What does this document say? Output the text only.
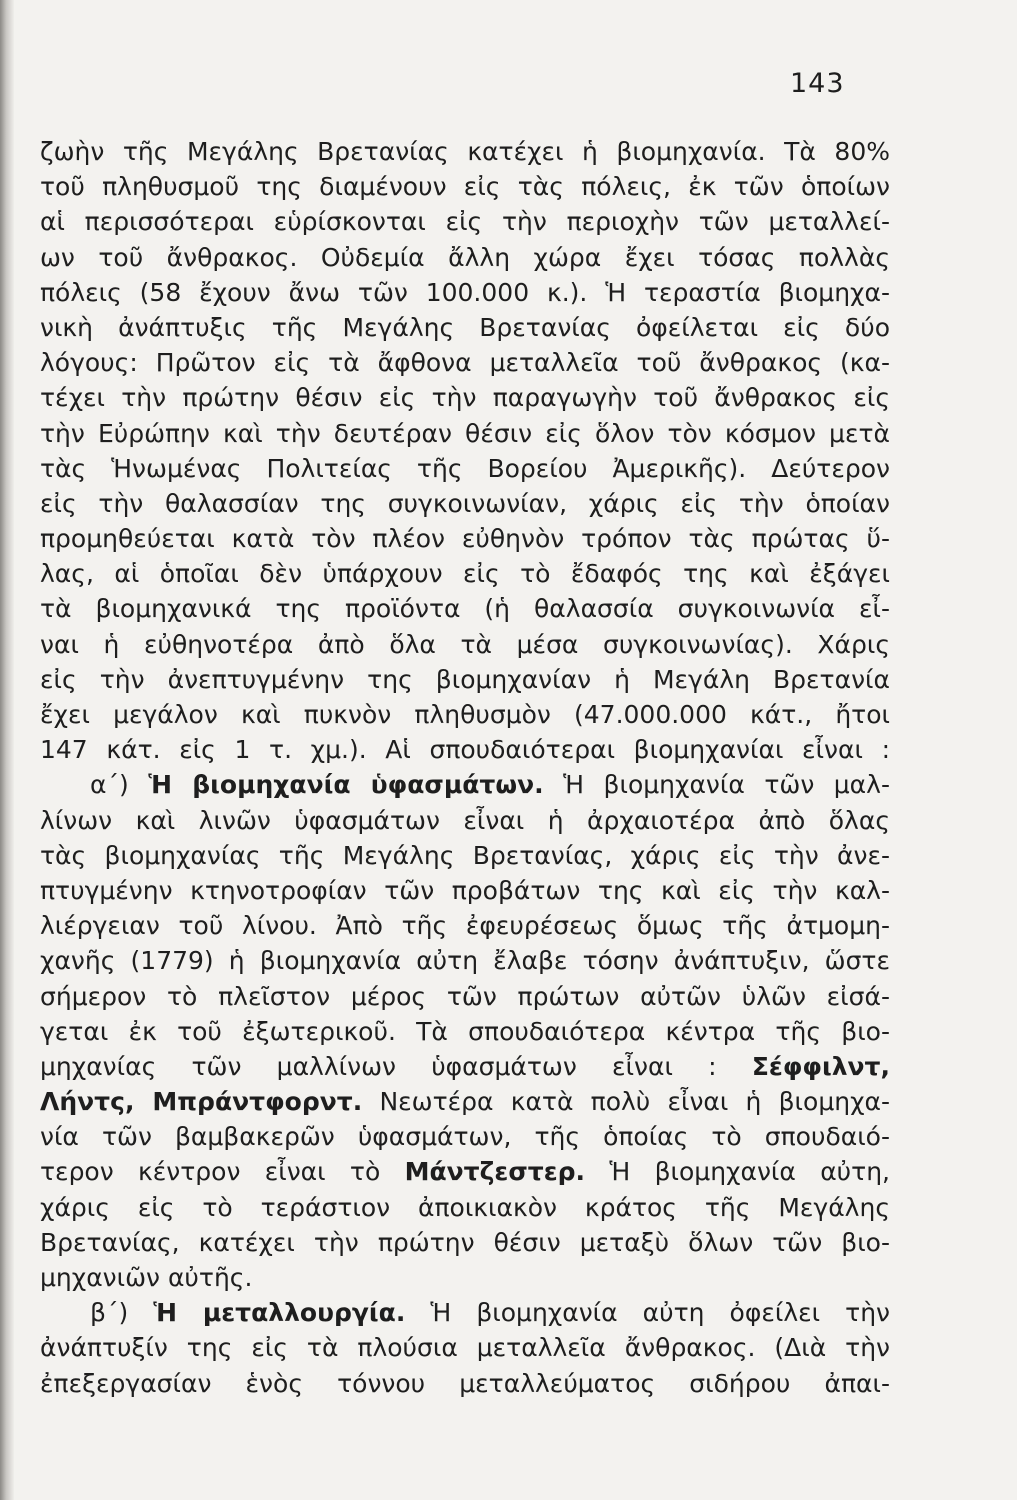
143
ζωὴν τῆς Μεγάλης Βρετανίας κατέχει ἡ βιομηχανία. Τὰ 80%
τοῦ πληθυσμοῦ της διαμένουν εἰς τὰς πόλεις, ἐκ τῶν ὁποίων
αἱ περισσότεραι εὑρίσκονται εἰς τὴν περιοχὴν τῶν μεταλλεί-
ων τοῦ ἄνθρακος. Οὐδεμία ἄλλη χώρα ἔχει τόσας πολλὰς
πόλεις (58 ἔχουν ἄνω τῶν 100.000 κ.). Ἡ τεραστία βιομηχα-
νικὴ ἀνάπτυξις τῆς Μεγάλης Βρετανίας ὀφείλεται εἰς δύο
λόγους: Πρῶτον εἰς τὰ ἄφθονα μεταλλεῖα τοῦ ἄνθρακος (κα-
τέχει τὴν πρώτην θέσιν εἰς τὴν παραγωγὴν τοῦ ἄνθρακος εἰς
τὴν Εὐρώπην καὶ τὴν δευτέραν θέσιν εἰς ὅλον τὸν κόσμον μετὰ
τὰς Ἡνωμένας Πολιτείας τῆς Βορείου Ἀμερικῆς). Δεύτερον
εἰς τὴν θαλασσίαν της συγκοινωνίαν, χάρις εἰς τὴν ὁποίαν
προμηθεύεται κατὰ τὸν πλέον εὐθηνὸν τρόπον τὰς πρώτας ὕ-
λας, αἱ ὁποῖαι δὲν ὑπάρχουν εἰς τὸ ἔδαφός της καὶ ἐξάγει
τὰ βιομηχανικά της προϊόντα (ἡ θαλασσία συγκοινωνία εἶ-
ναι ἡ εὐθηνοτέρα ἀπὸ ὅλα τὰ μέσα συγκοινωνίας). Χάρις
εἰς τὴν ἀνεπτυγμένην της βιομηχανίαν ἡ Μεγάλη Βρετανία
ἔχει μεγάλον καὶ πυκνὸν πληθυσμὸν (47.000.000 κάτ., ἤτοι
147 κάτ. εἰς 1 τ. χμ.). Αἱ σπουδαιότεραι βιομηχανίαι εἶναι :
α΄) Ἡ βιομηχανία ὑφασμάτων. Ἡ βιομηχανία τῶν μαλ-
λίνων καὶ λινῶν ὑφασμάτων εἶναι ἡ ἀρχαιοτέρα ἀπὸ ὅλας
τὰς βιομηχανίας τῆς Μεγάλης Βρετανίας, χάρις εἰς τὴν ἀνε-
πτυγμένην κτηνοτροφίαν τῶν προβάτων της καὶ εἰς τὴν καλ-
λιέργειαν τοῦ λίνου. Ἀπὸ τῆς ἐφευρέσεως ὅμως τῆς ἀτμομη-
χανῆς (1779) ἡ βιομηχανία αὐτη ἔλαβε τόσην ἀνάπτυξιν, ὥστε
σήμερον τὸ πλεῖστον μέρος τῶν πρώτων αὐτῶν ὑλῶν εἰσά-
γεται ἐκ τοῦ ἐξωτερικοῦ. Τὰ σπουδαιότερα κέντρα τῆς βιο-
μηχανίας τῶν μαλλίνων ὑφασμάτων εἶναι : Σέφφιλντ,
Λήντς, Μπράντφορντ. Νεωτέρα κατὰ πολὺ εἶναι ἡ βιομηχα-
νία τῶν βαμβακερῶν ὑφασμάτων, τῆς ὁποίας τὸ σπουδαιό-
τερον κέντρον εἶναι τὸ Μάντζεστερ. Ἡ βιομηχανία αὐτη,
χάρις εἰς τὸ τεράστιον ἀποικιακὸν κράτος τῆς Μεγάλης
Βρετανίας, κατέχει τὴν πρώτην θέσιν μεταξὺ ὅλων τῶν βιο-
μηχανιῶν αὐτῆς.
β΄) Ἡ μεταλλουργία. Ἡ βιομηχανία αὐτη ὀφείλει τὴν
ἀνάπτυξίν της εἰς τὰ πλούσια μεταλλεῖα ἄνθρακος. (Διὰ τὴν
ἐπεξεργασίαν ἑνὸς τόννου μεταλλεύματος σιδήρου ἀπαι-
